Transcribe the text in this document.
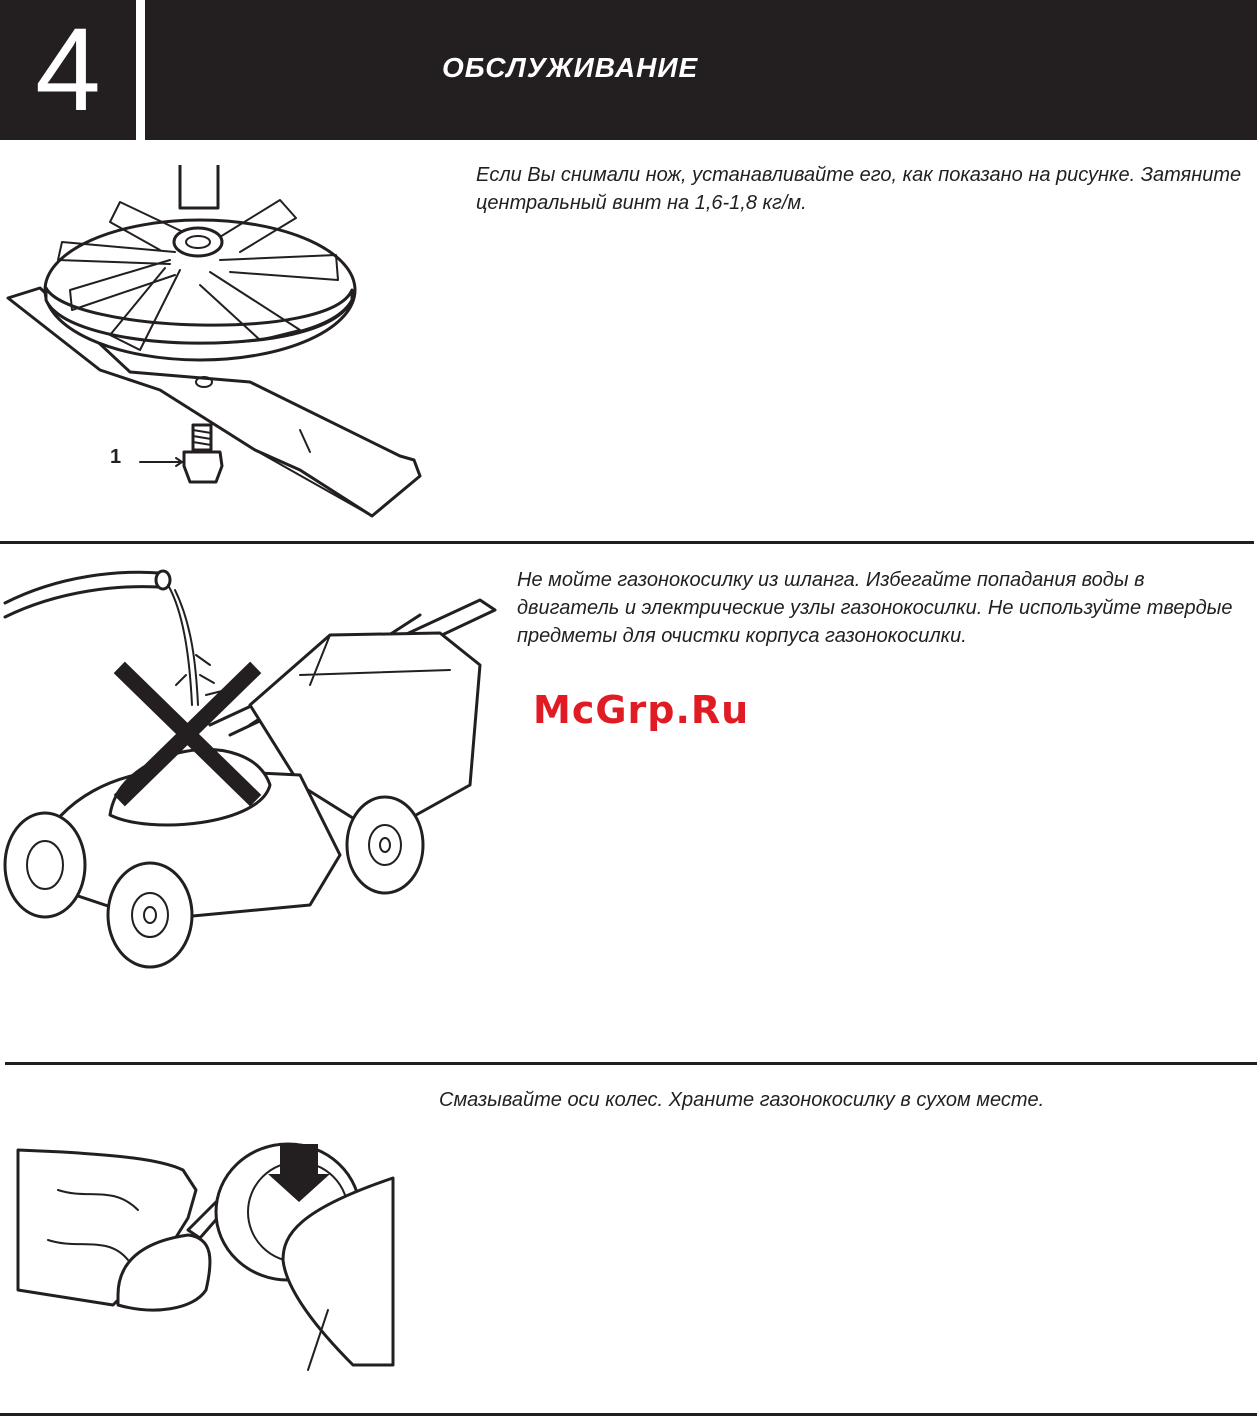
4	ОБСЛУЖИВАНИЕ
1
Если Вы снимали нож, устанавливайте его, как показано на рисунке. Затяните центральный винт на 1,6-1,8 кг/м.
Не мойте газонокосилку из шланга. Избегайте попадания воды в двигатель и электрические узлы газонокосилки. Не используйте твердые предметы для очистки корпуса газонокосилки.
McGrp.Ru
Смазывайте оси колес. Храните газонокосилку в сухом месте.
